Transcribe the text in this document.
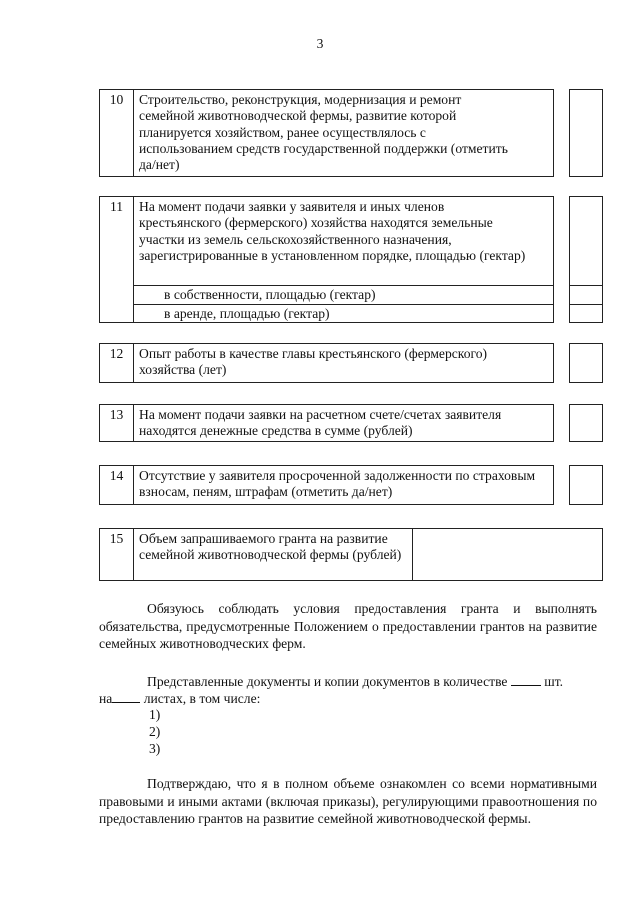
3
10	Строительство, реконструкция, модернизация и ремонт семейной животноводческой фермы, развитие которой планируется хозяйством, ранее осуществлялось с использованием средств государственной поддержки (отметить да/нет)
11	На момент подачи заявки у заявителя и иных членов крестьянского (фермерского) хозяйства находятся земельные участки из земель сельскохозяйственного назначения, зарегистрированные в установленном порядке, площадью (гектар)
в собственности, площадью (гектар)
в аренде, площадью (гектар)
12	Опыт работы в качестве главы крестьянского (фермерского) хозяйства (лет)
13	На момент подачи заявки на расчетном счете/счетах заявителя находятся денежные средства в сумме (рублей)
14	Отсутствие у заявителя просроченной задолженности по страховым взносам, пеням, штрафам (отметить да/нет)
15	Объем запрашиваемого гранта на развитие семейной животноводческой фермы (рублей)
Обязуюсь соблюдать условия предоставления гранта и выполнять обязательства, предусмотренные Положением о предоставлении грантов на развитие семейных животноводческих ферм.
Представленные документы и копии документов в количестве	шт.
на листах, в том числе:
1)
2)
3)
Подтверждаю, что я в полном объеме ознакомлен со всеми нормативными правовыми и иными актами (включая приказы), регулирующими правоотношения по предоставлению грантов на развитие семейной животноводческой фермы.
